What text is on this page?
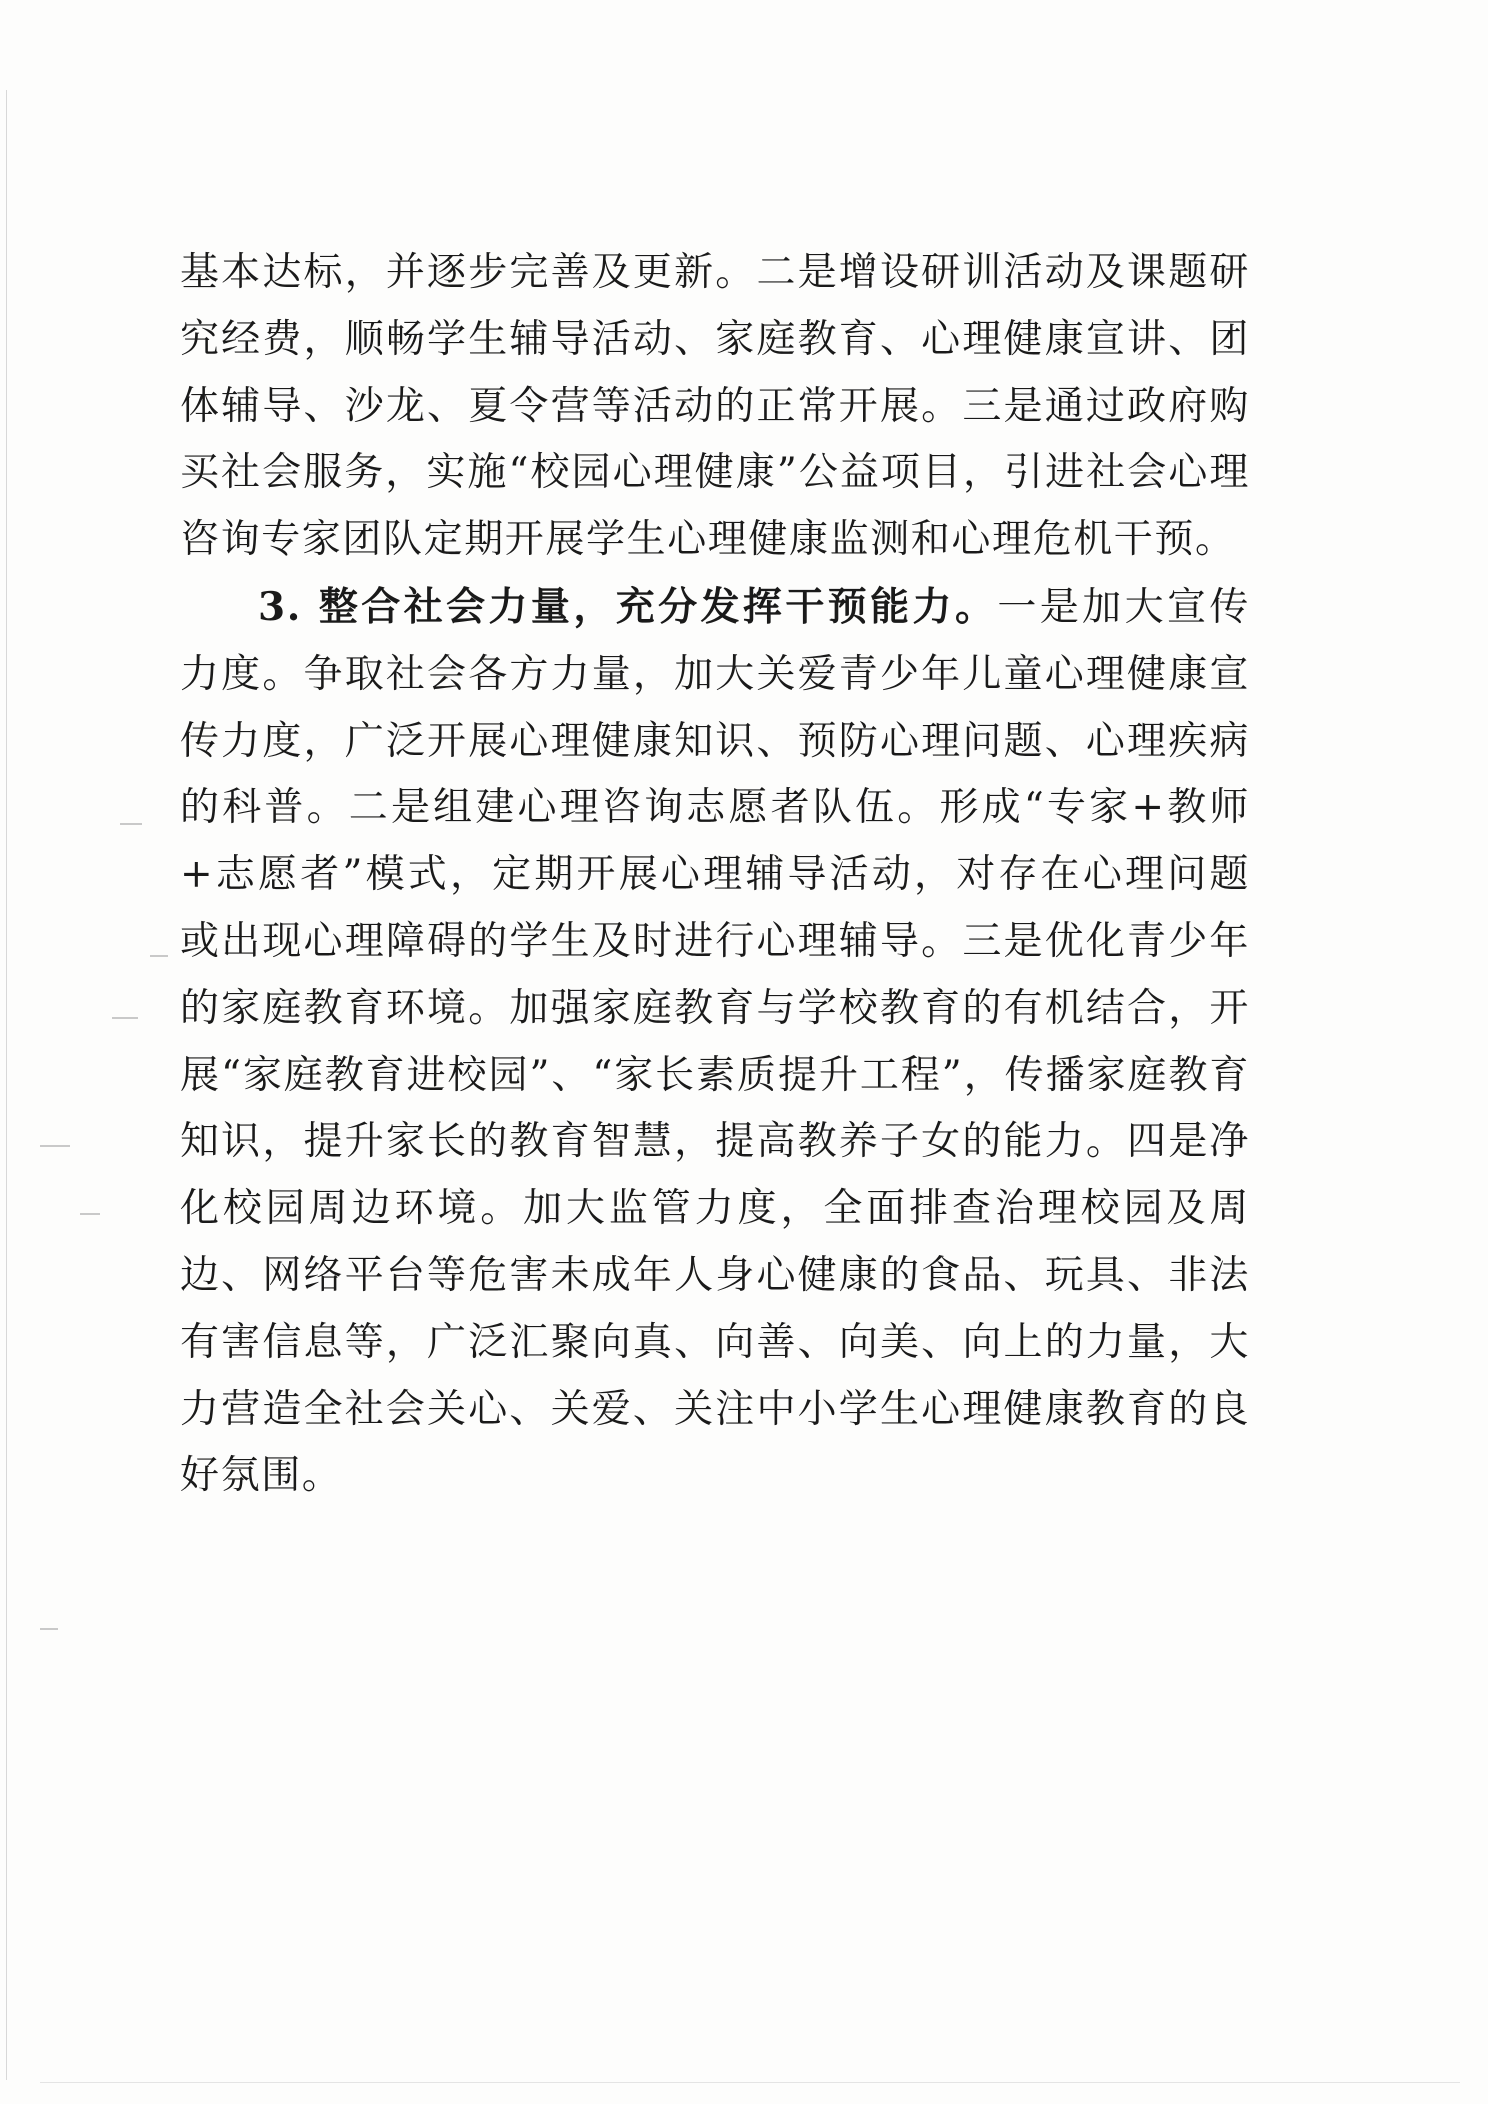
基本达标，并逐步完善及更新。二是增设研训活动及课题研究经费，顺畅学生辅导活动、家庭教育、心理健康宣讲、团体辅导、沙龙、夏令营等活动的正常开展。三是通过政府购买社会服务，实施“校园心理健康”公益项目，引进社会心理咨询专家团队定期开展学生心理健康监测和心理危机干预。

3. 整合社会力量，充分发挥干预能力。一是加大宣传力度。争取社会各方力量，加大关爱青少年儿童心理健康宣传力度，广泛开展心理健康知识、预防心理问题、心理疾病的科普。二是组建心理咨询志愿者队伍。形成“专家+教师+志愿者”模式，定期开展心理辅导活动，对存在心理问题或出现心理障碍的学生及时进行心理辅导。三是优化青少年的家庭教育环境。加强家庭教育与学校教育的有机结合，开展“家庭教育进校园”、“家长素质提升工程”，传播家庭教育知识，提升家长的教育智慧，提高教养子女的能力。四是净化校园周边环境。加大监管力度，全面排查治理校园及周边、网络平台等危害未成年人身心健康的食品、玩具、非法有害信息等，广泛汇聚向真、向善、向美、向上的力量，大力营造全社会关心、关爱、关注中小学生心理健康教育的良好氛围。
